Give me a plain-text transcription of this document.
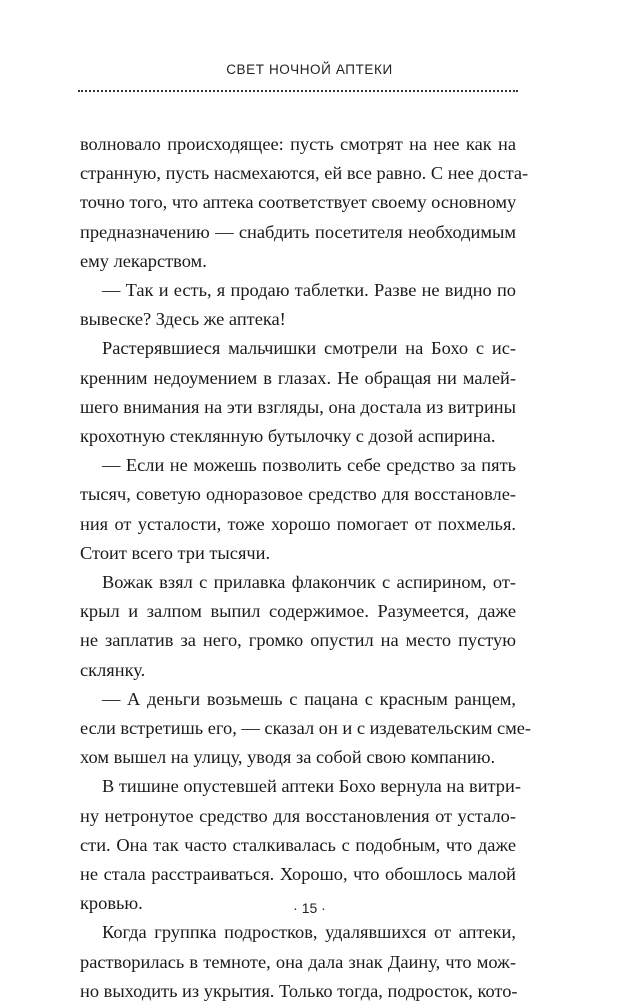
СВЕТ НОЧНОЙ АПТЕКИ
волновало происходящее: пусть смотрят на нее как на
странную, пусть насмехаются, ей все равно. С нее доста-
точно того, что аптека соответствует своему основному
предназначению — снабдить посетителя необходимым
ему лекарством.
— Так и есть, я продаю таблетки. Разве не видно по
вывеске? Здесь же аптека!
Растерявшиеся мальчишки смотрели на Бохо с ис-
кренним недоумением в глазах. Не обращая ни малей-
шего внимания на эти взгляды, она достала из витрины
крохотную стеклянную бутылочку с дозой аспирина.
— Если не можешь позволить себе средство за пять
тысяч, советую одноразовое средство для восстановле-
ния от усталости, тоже хорошо помогает от похмелья.
Стоит всего три тысячи.
Вожак взял с прилавка флакончик с аспирином, от-
крыл и залпом выпил содержимое. Разумеется, даже
не заплатив за него, громко опустил на место пустую
склянку.
— А деньги возьмешь с пацана с красным ранцем,
если встретишь его, — сказал он и с издевательским сме-
хом вышел на улицу, уводя за собой свою компанию.
В тишине опустевшей аптеки Бохо вернула на витри-
ну нетронутое средство для восстановления от устало-
сти. Она так часто сталкивалась с подобным, что даже
не стала расстраиваться. Хорошо, что обошлось малой
кровью.
Когда группка подростков, удалявшихся от аптеки,
растворилась в темноте, она дала знак Даину, что мож-
но выходить из укрытия. Только тогда, подросток, кото-
· 15 ·
